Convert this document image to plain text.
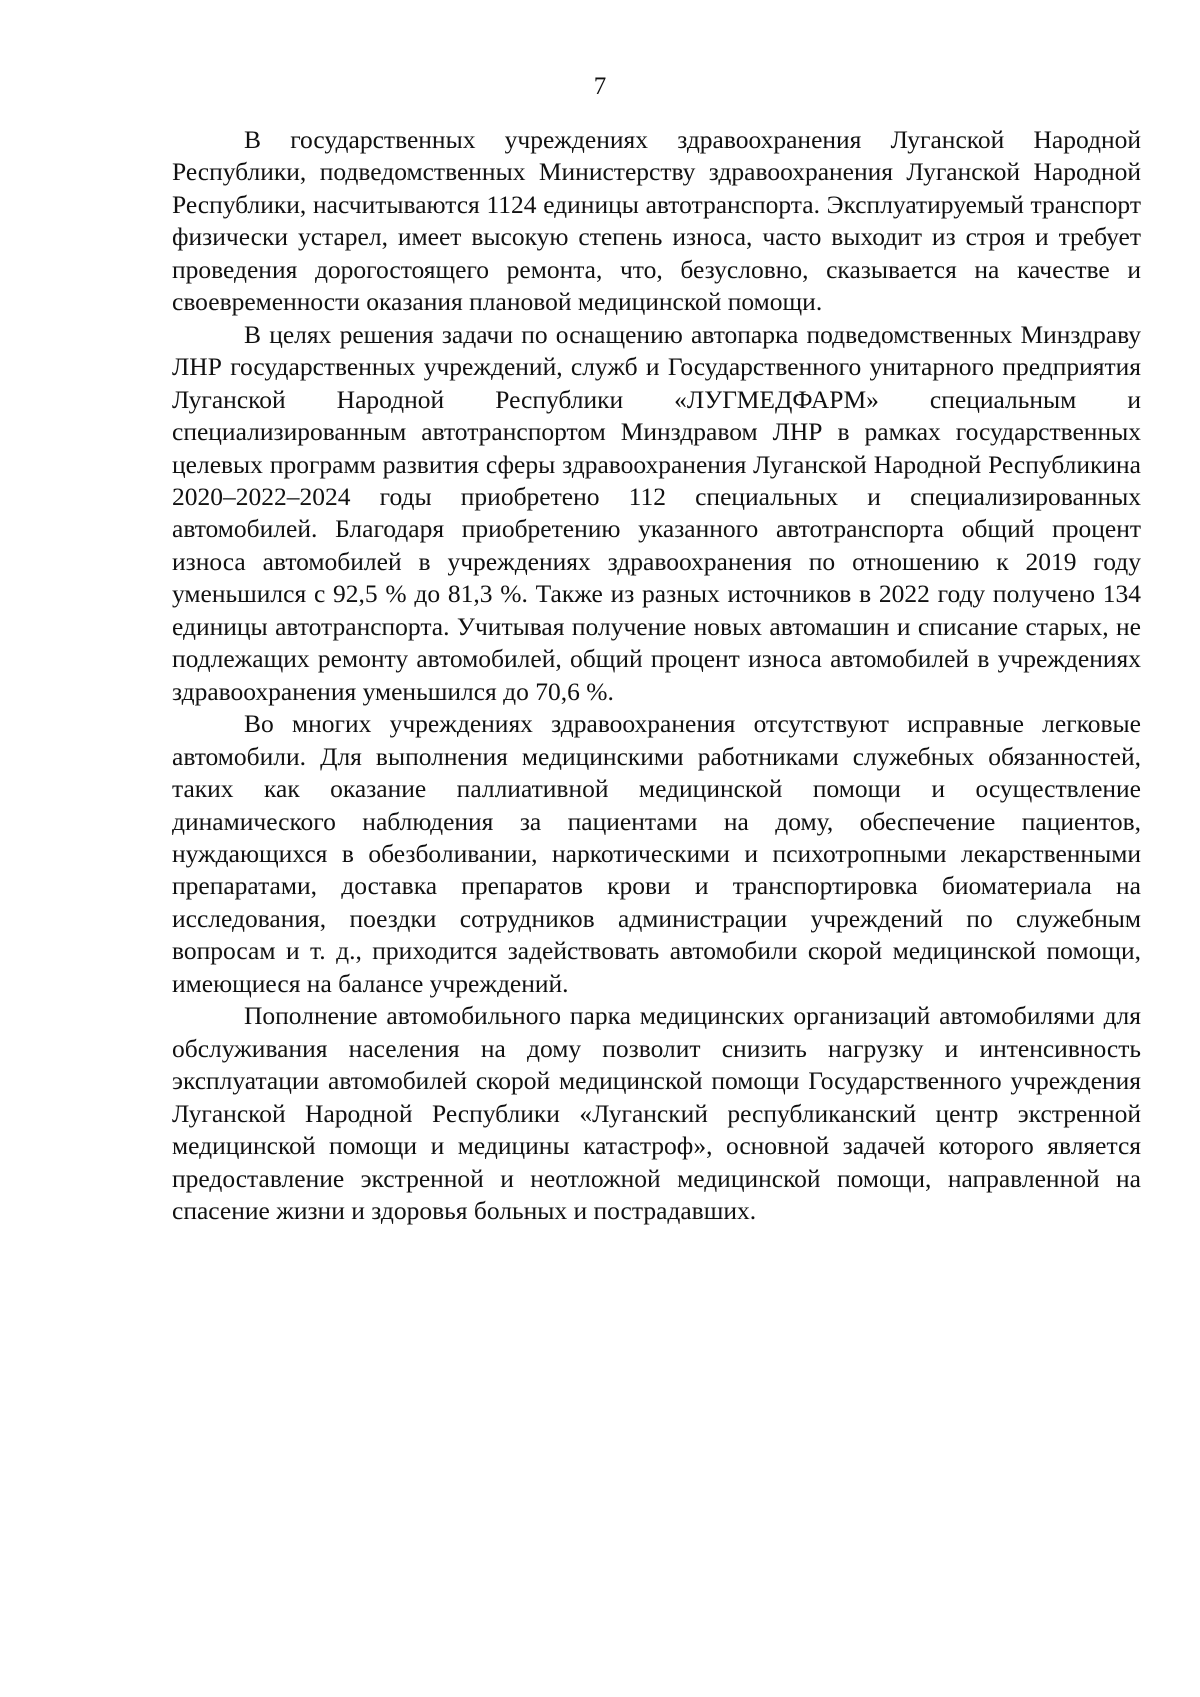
7

В государственных учреждениях здравоохранения Луганской Народной Республики, подведомственных Министерству здравоохранения Луганской Народной Республики, насчитываются 1124 единицы автотранспорта. Эксплуатируемый транспорт физически устарел, имеет высокую степень износа, часто выходит из строя и требует проведения дорогостоящего ремонта, что, безусловно, сказывается на качестве и своевременности оказания плановой медицинской помощи.

В целях решения задачи по оснащению автопарка подведомственных Минздраву ЛНР государственных учреждений, служб и Государственного унитарного предприятия Луганской Народной Республики «ЛУГМЕДФАРМ» специальным и специализированным автотранспортом Минздравом ЛНР в рамках государственных целевых программ развития сферы здравоохранения Луганской Народной Республикина 2020–2022–2024 годы приобретено 112 специальных и специализированных автомобилей. Благодаря приобретению указанного автотранспорта общий процент износа автомобилей в учреждениях здравоохранения по отношению к 2019 году уменьшился с 92,5 % до 81,3 %. Также из разных источников в 2022 году получено 134 единицы автотранспорта. Учитывая получение новых автомашин и списание старых, не подлежащих ремонту автомобилей, общий процент износа автомобилей в учреждениях здравоохранения уменьшился до 70,6 %.

Во многих учреждениях здравоохранения отсутствуют исправные легковые автомобили. Для выполнения медицинскими работниками служебных обязанностей, таких как оказание паллиативной медицинской помощи и осуществление динамического наблюдения за пациентами на дому, обеспечение пациентов, нуждающихся в обезболивании, наркотическими и психотропными лекарственными препаратами, доставка препаратов крови и транспортировка биоматериала на исследования, поездки сотрудников администрации учреждений по служебным вопросам и т. д., приходится задействовать автомобили скорой медицинской помощи, имеющиеся на балансе учреждений.

Пополнение автомобильного парка медицинских организаций автомобилями для обслуживания населения на дому позволит снизить нагрузку и интенсивность эксплуатации автомобилей скорой медицинской помощи Государственного учреждения Луганской Народной Республики «Луганский республиканский центр экстренной медицинской помощи и медицины катастроф», основной задачей которого является предоставление экстренной и неотложной медицинской помощи, направленной на спасение жизни и здоровья больных и пострадавших.
